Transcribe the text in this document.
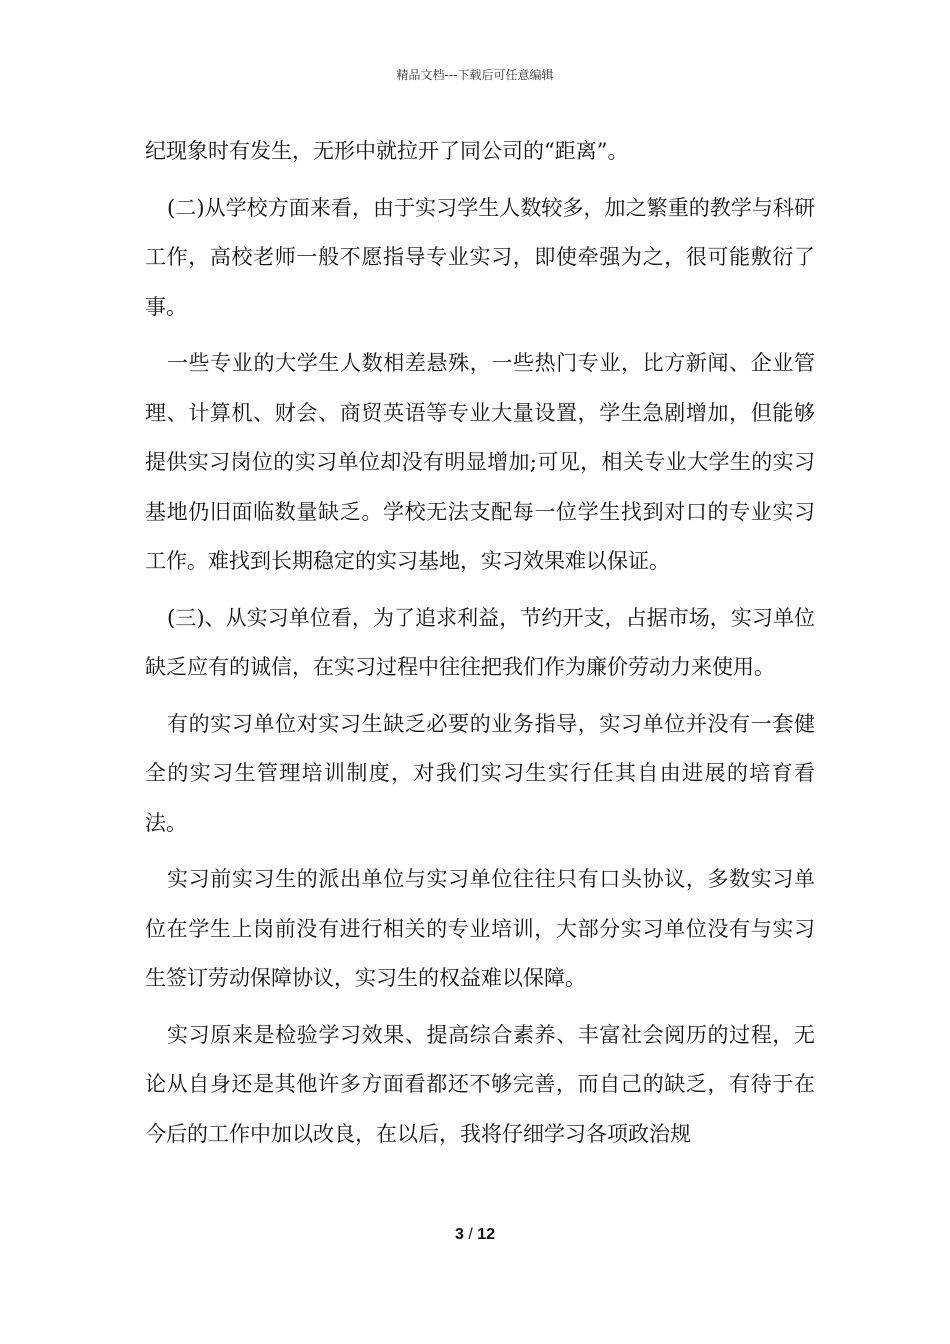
精品文档---下载后可任意编辑

纪现象时有发生，无形中就拉开了同公司的“距离”。

(二)从学校方面来看，由于实习学生人数较多，加之繁重的教学与科研工作，高校老师一般不愿指导专业实习，即使牵强为之，很可能敷衍了事。

一些专业的大学生人数相差悬殊，一些热门专业，比方新闻、企业管理、计算机、财会、商贸英语等专业大量设置，学生急剧增加，但能够提供实习岗位的实习单位却没有明显增加;可见，相关专业大学生的实习基地仍旧面临数量缺乏。学校无法支配每一位学生找到对口的专业实习工作。难找到长期稳定的实习基地，实习效果难以保证。

(三)、从实习单位看，为了追求利益，节约开支，占据市场，实习单位缺乏应有的诚信，在实习过程中往往把我们作为廉价劳动力来使用。

有的实习单位对实习生缺乏必要的业务指导，实习单位并没有一套健全的实习生管理培训制度，对我们实习生实行任其自由进展的培育看法。

实习前实习生的派出单位与实习单位往往只有口头协议，多数实习单位在学生上岗前没有进行相关的专业培训，大部分实习单位没有与实习生签订劳动保障协议，实习生的权益难以保障。

实习原来是检验学习效果、提高综合素养、丰富社会阅历的过程，无论从自身还是其他许多方面看都还不够完善，而自己的缺乏，有待于在今后的工作中加以改良，在以后，我将仔细学习各项政治规

3 / 12
